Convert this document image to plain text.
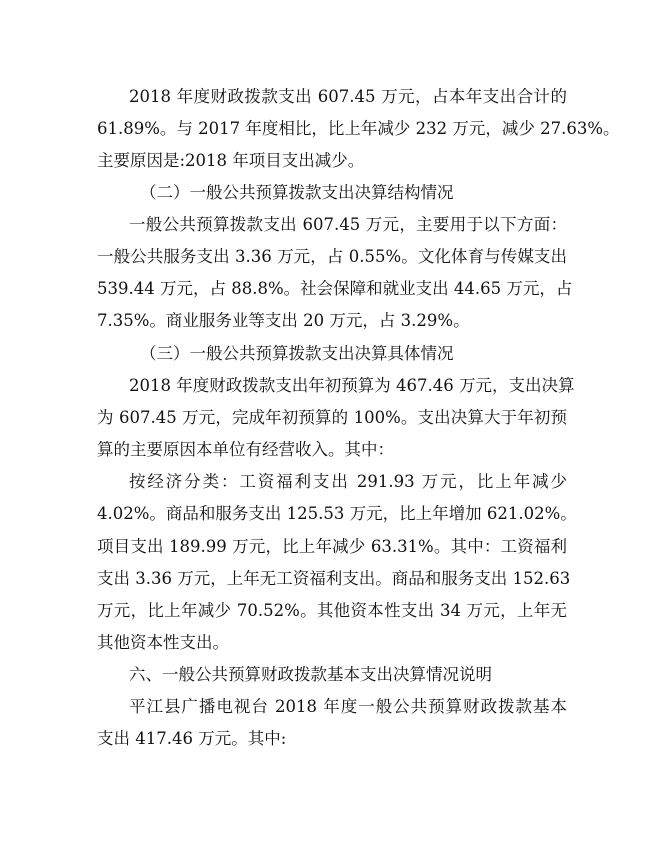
2018 年度财政拨款支出 607.45 万元，占本年支出合计的
61.89%。与 2017 年度相比，比上年减少 232 万元，减少 27.63%。
主要原因是:2018 年项目支出减少。
（二）一般公共预算拨款支出决算结构情况
一般公共预算拨款支出 607.45 万元，主要用于以下方面：
一般公共服务支出 3.36 万元，占 0.55%。文化体育与传媒支出
539.44 万元，占 88.8%。社会保障和就业支出 44.65 万元，占
7.35%。商业服务业等支出 20 万元，占 3.29%。
（三）一般公共预算拨款支出决算具体情况
2018 年度财政拨款支出年初预算为 467.46 万元，支出决算
为 607.45 万元，完成年初预算的 100%。支出决算大于年初预
算的主要原因本单位有经营收入。其中：
按经济分类：工资福利支出 291.93 万元，比上年减少
4.02%。商品和服务支出 125.53 万元，比上年增加 621.02%。
项目支出 189.99 万元，比上年减少 63.31%。其中：工资福利
支出 3.36 万元，上年无工资福利支出。商品和服务支出 152.63
万元，比上年减少 70.52%。其他资本性支出 34 万元，上年无
其他资本性支出。
六、一般公共预算财政拨款基本支出决算情况说明
平江县广播电视台 2018 年度一般公共预算财政拨款基本
支出 417.46 万元。其中:
